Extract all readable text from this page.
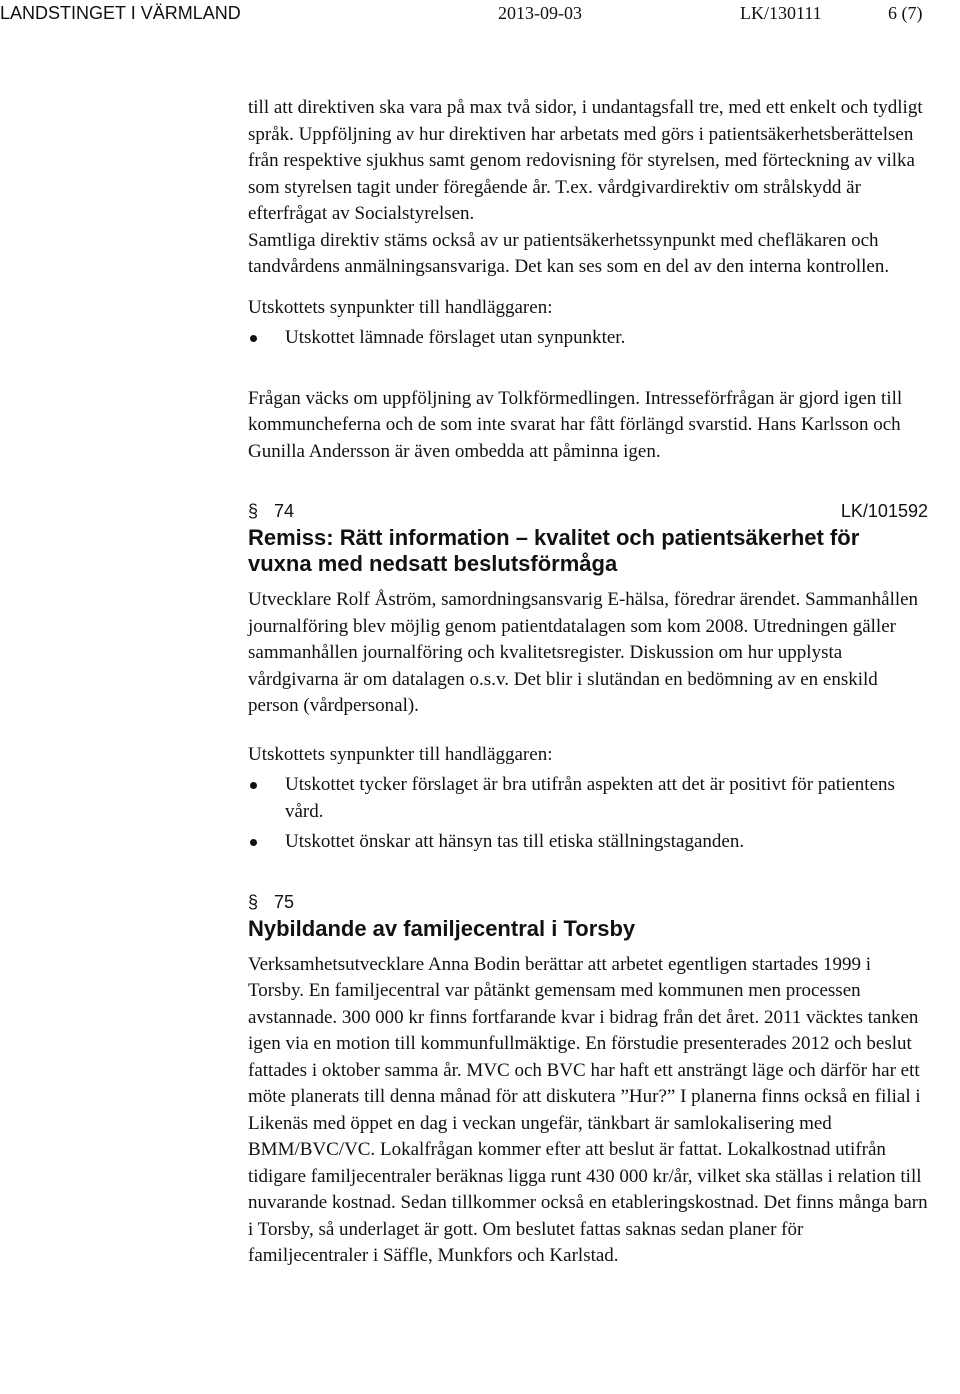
LANDSTINGET I VÄRMLAND	2013-09-03	LK/130111	6 (7)

till att direktiven ska vara på max två sidor, i undantagsfall tre, med ett enkelt och tydligt språk. Uppföljning av hur direktiven har arbetats med görs i patientsäkerhetsberättelsen från respektive sjukhus samt genom redovisning för styrelsen, med förteckning av vilka som styrelsen tagit under föregående år. T.ex. vårdgivardirektiv om strålskydd är efterfrågat av Socialstyrelsen.

Samtliga direktiv stäms också av ur patientsäkerhetssynpunkt med chefläkaren och tandvårdens anmälningsansvariga. Det kan ses som en del av den interna kontrollen.

Utskottets synpunkter till handläggaren:

Utskottet lämnade förslaget utan synpunkter.

Frågan väcks om uppföljning av Tolkförmedlingen. Intresseförfrågan är gjord igen till kommuncheferna och de som inte svarat har fått förlängd svarstid. Hans Karlsson och Gunilla Andersson är även ombedda att påminna igen.

§ 74	LK/101592
Remiss: Rätt information – kvalitet och patientsäkerhet för vuxna med nedsatt beslutsförmåga

Utvecklare Rolf Åström, samordningsansvarig E-hälsa, föredrar ärendet. Sammanhållen journalföring blev möjlig genom patientdatalagen som kom 2008. Utredningen gäller sammanhållen journalföring och kvalitetsregister. Diskussion om hur upplysta vårdgivarna är om datalagen o.s.v. Det blir i slutändan en bedömning av en enskild person (vårdpersonal).

Utskottets synpunkter till handläggaren:

Utskottet tycker förslaget är bra utifrån aspekten att det är positivt för patientens vård.
Utskottet önskar att hänsyn tas till etiska ställningstaganden.
§ 75
Nybildande av familjecentral i Torsby

Verksamhetsutvecklare Anna Bodin berättar att arbetet egentligen startades 1999 i Torsby. En familjecentral var påtänkt gemensam med kommunen men processen avstannade. 300 000 kr finns fortfarande kvar i bidrag från det året. 2011 väcktes tanken igen via en motion till kommunfullmäktige. En förstudie presenterades 2012 och beslut fattades i oktober samma år. MVC och BVC har haft ett ansträngt läge och därför har ett möte planerats till denna månad för att diskutera ”Hur?” I planerna finns också en filial i Likenäs med öppet en dag i veckan ungefär, tänkbart är samlokalisering med BMM/BVC/VC. Lokalfrågan kommer efter att beslut är fattat. Lokalkostnad utifrån tidigare familjecentraler beräknas ligga runt 430 000 kr/år, vilket ska ställas i relation till nuvarande kostnad. Sedan tillkommer också en etableringskostnad. Det finns många barn i Torsby, så underlaget är gott. Om beslutet fattas saknas sedan planer för familjecentraler i Säffle, Munkfors och Karlstad.
